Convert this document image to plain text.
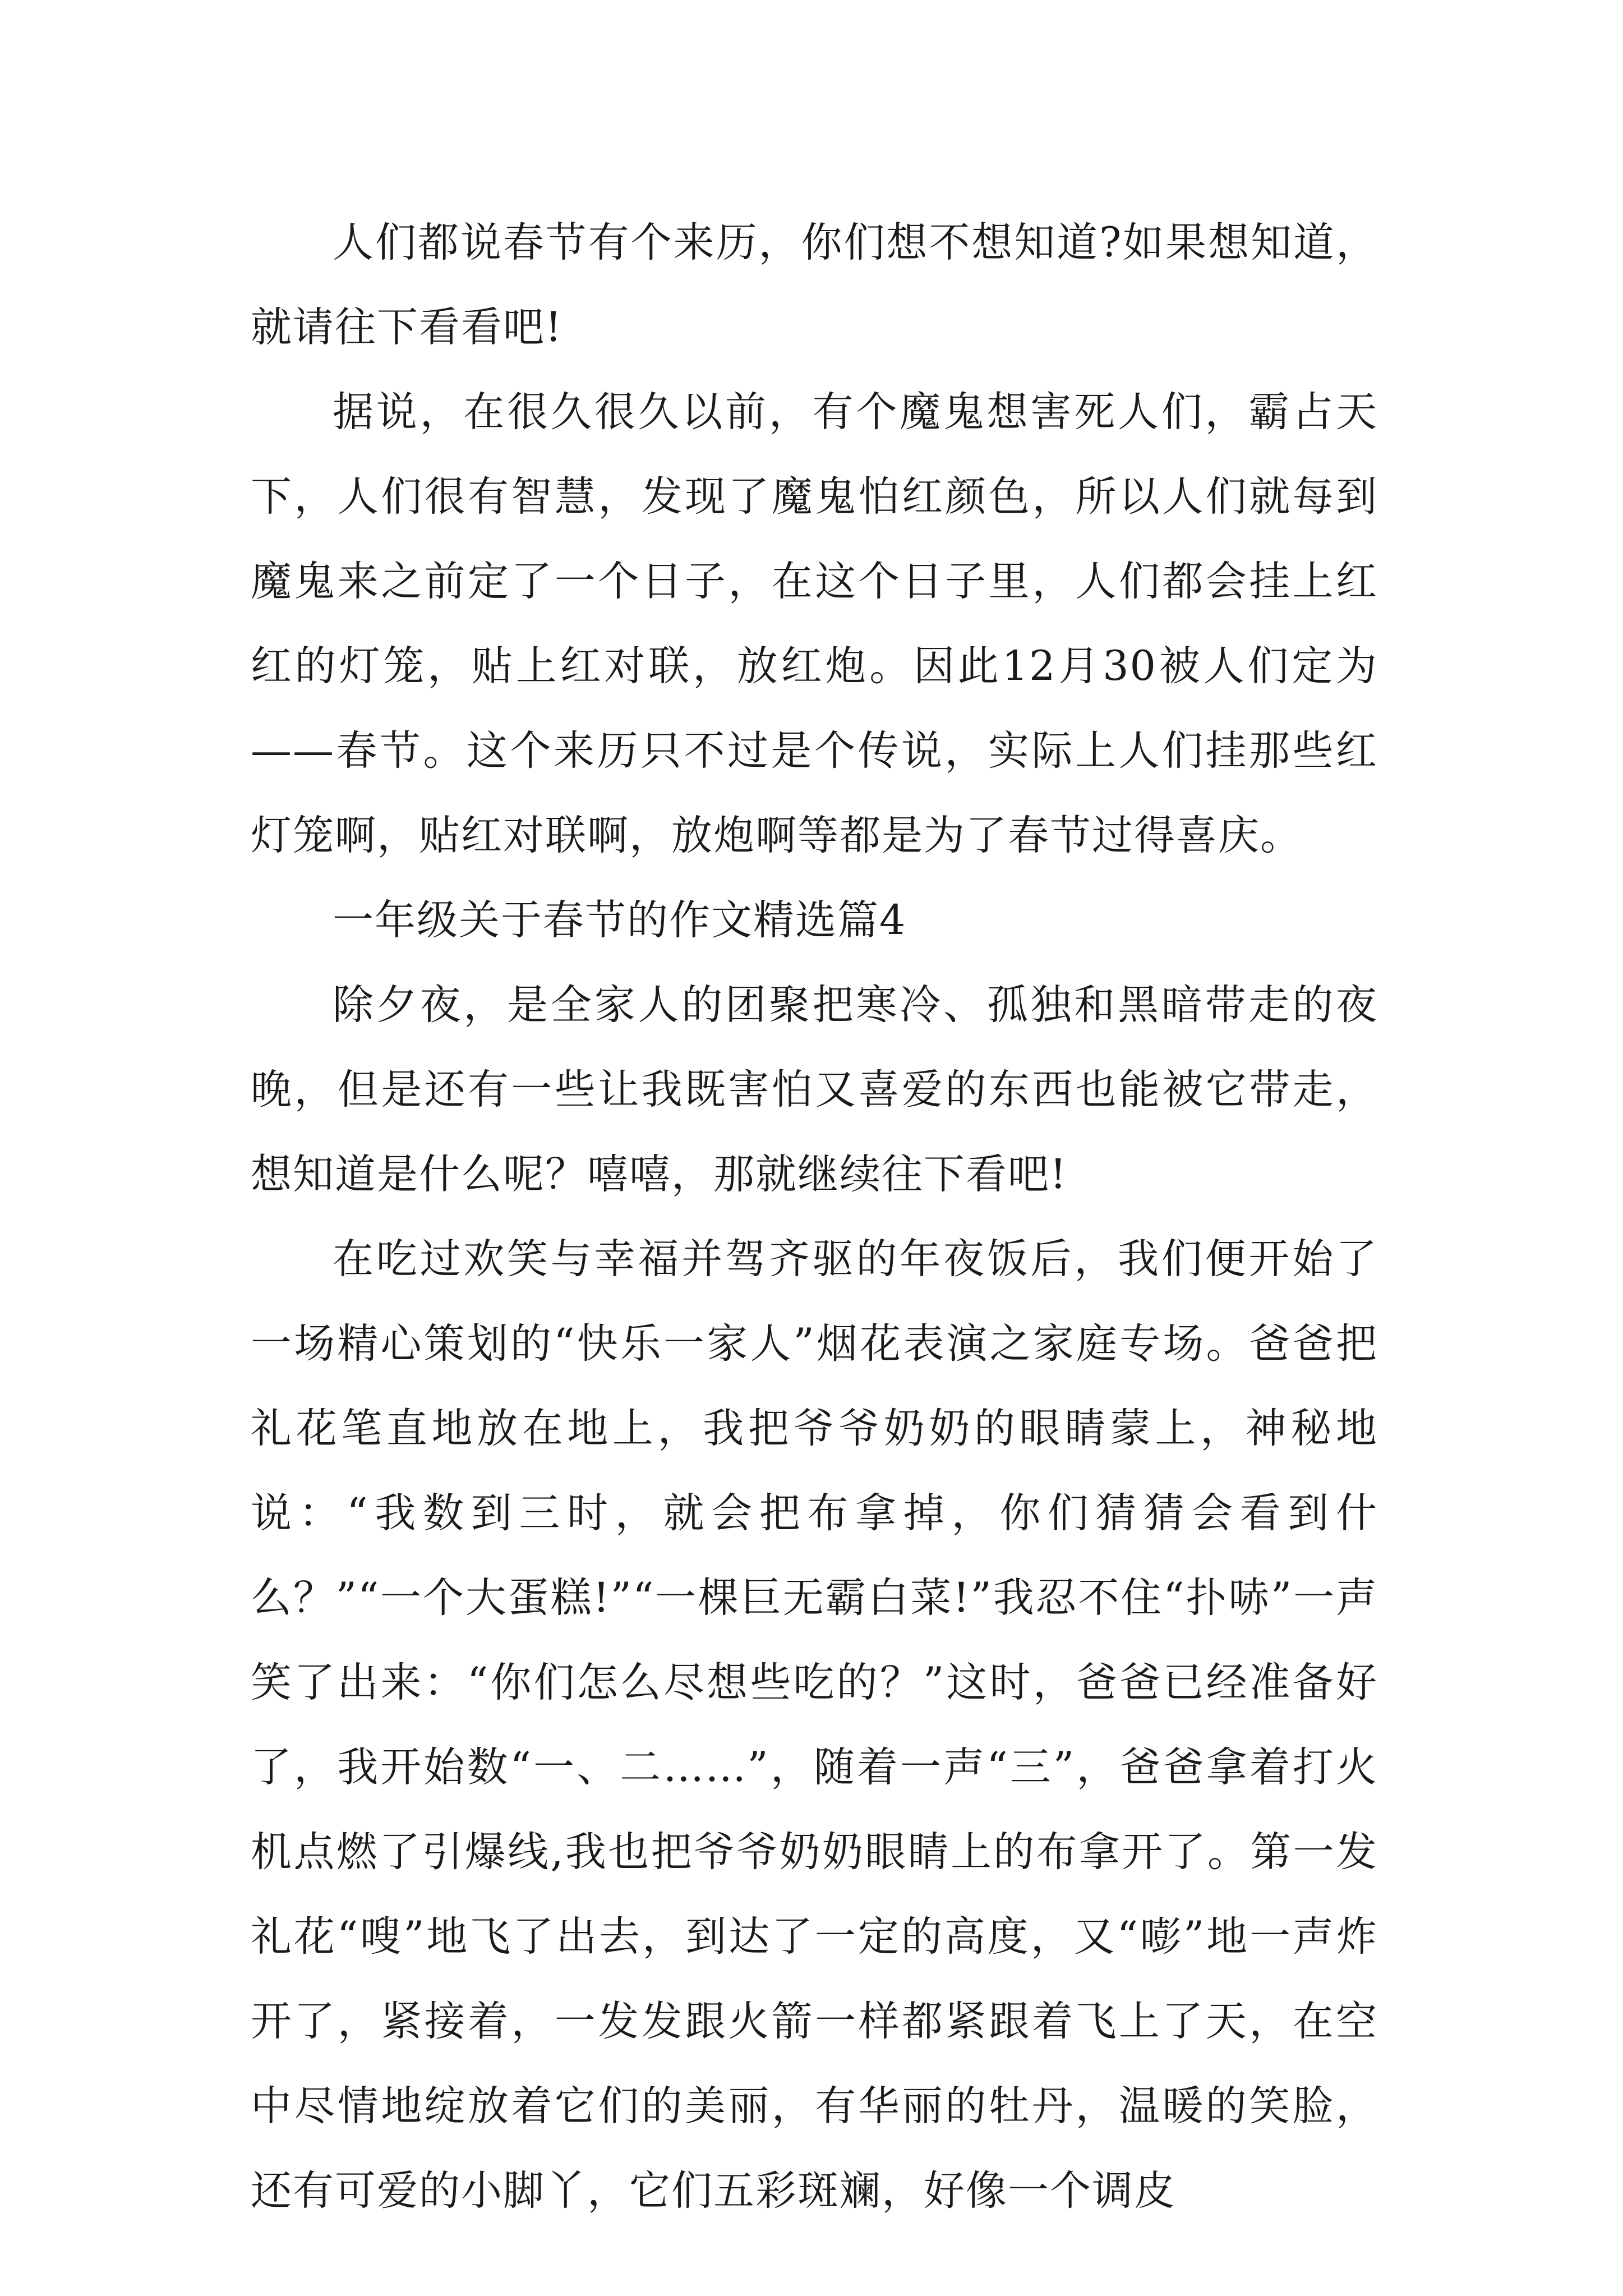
人们都说春节有个来历，你们想不想知道?如果想知道，就请往下看看吧!

据说，在很久很久以前，有个魔鬼想害死人们，霸占天下，人们很有智慧，发现了魔鬼怕红颜色，所以人们就每到魔鬼来之前定了一个日子，在这个日子里，人们都会挂上红红的灯笼，贴上红对联，放红炮。因此12月30被人们定为——春节。这个来历只不过是个传说，实际上人们挂那些红灯笼啊，贴红对联啊，放炮啊等都是为了春节过得喜庆。

一年级关于春节的作文精选篇4

除夕夜，是全家人的团聚把寒冷、孤独和黑暗带走的夜晚，但是还有一些让我既害怕又喜爱的东西也能被它带走，想知道是什么呢？嘻嘻，那就继续往下看吧!

在吃过欢笑与幸福并驾齐驱的年夜饭后，我们便开始了一场精心策划的“快乐一家人”烟花表演之家庭专场。爸爸把礼花笔直地放在地上，我把爷爷奶奶的眼睛蒙上，神秘地说：“我数到三时，就会把布拿掉，你们猜猜会看到什么？”“一个大蛋糕!”“一棵巨无霸白菜!”我忍不住“扑哧”一声笑了出来：“你们怎么尽想些吃的？”这时，爸爸已经准备好了，我开始数“一、二……”，随着一声“三”，爸爸拿着打火机点燃了引爆线,我也把爷爷奶奶眼睛上的布拿开了。第一发礼花“嗖”地飞了出去，到达了一定的高度，又“嘭”地一声炸开了，紧接着，一发发跟火箭一样都紧跟着飞上了天，在空中尽情地绽放着它们的美丽，有华丽的牡丹，温暖的笑脸，还有可爱的小脚丫，它们五彩斑斓，好像一个调皮
